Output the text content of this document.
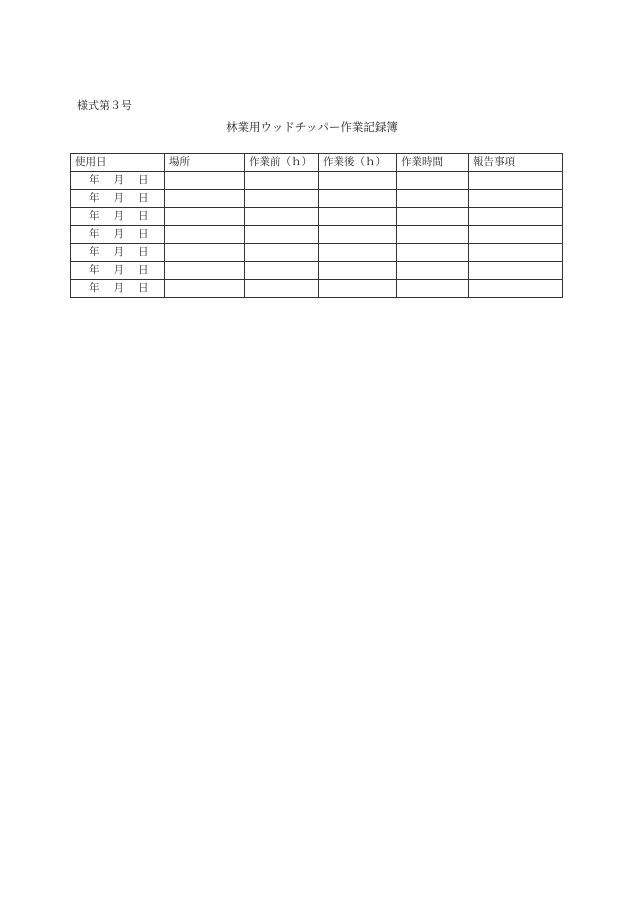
様式第３号
林業用ウッドチッパー作業記録簿
使用日	場所	作業前（ｈ）	作業後（ｈ）	作業時間	報告事項
年 月 日					
年 月 日					
年 月 日					
年 月 日					
年 月 日					
年 月 日					
年 月 日					
